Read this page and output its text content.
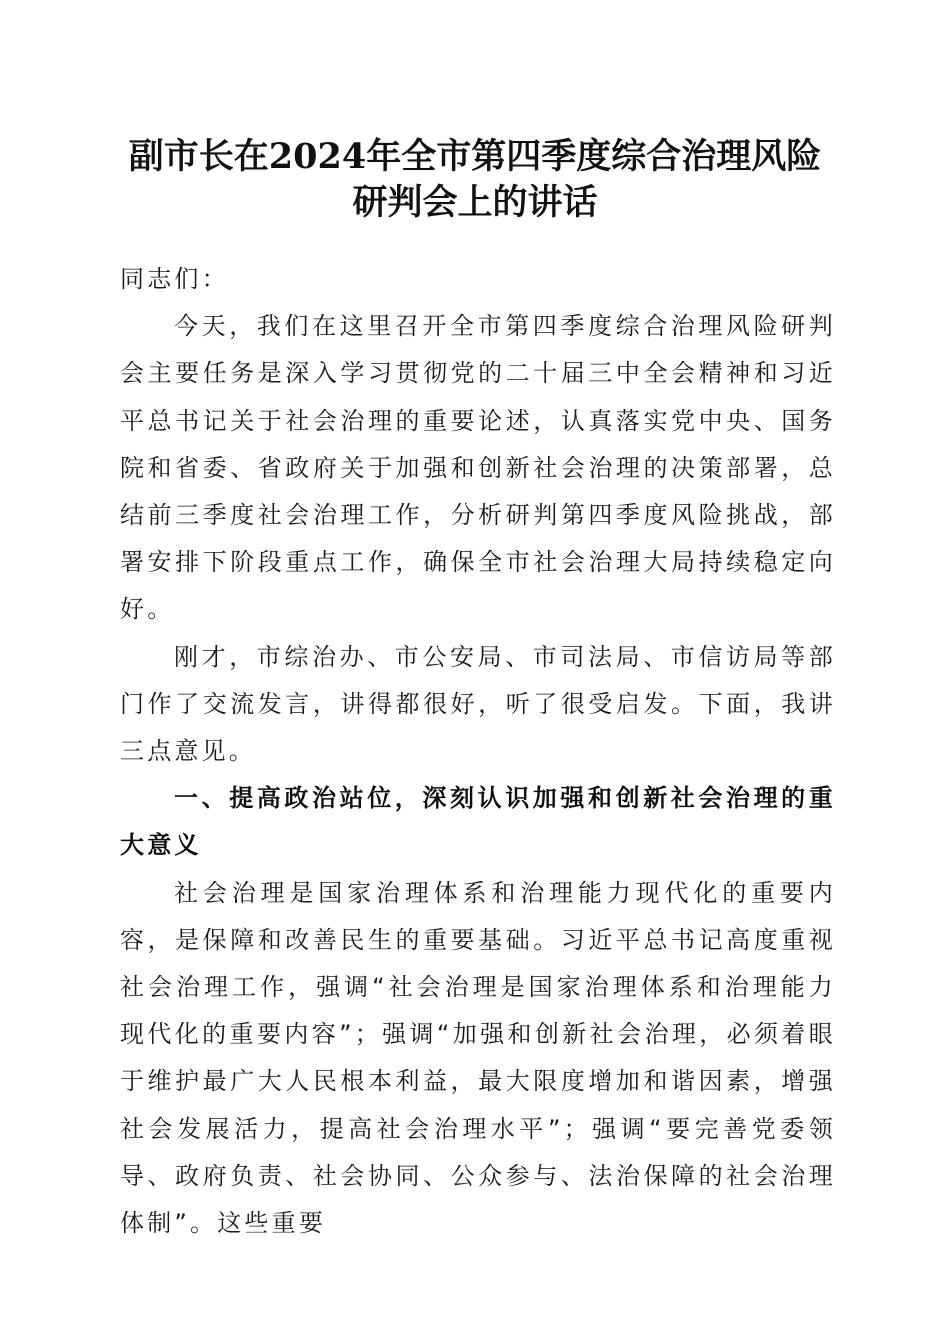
副市长在2024年全市第四季度综合治理风险
研判会上的讲话

同志们：

今天，我们在这里召开全市第四季度综合治理风险研判会主要任务是深入学习贯彻党的二十届三中全会精神和习近平总书记关于社会治理的重要论述，认真落实党中央、国务院和省委、省政府关于加强和创新社会治理的决策部署，总结前三季度社会治理工作，分析研判第四季度风险挑战，部署安排下阶段重点工作，确保全市社会治理大局持续稳定向好。

刚才，市综治办、市公安局、市司法局、市信访局等部门作了交流发言，讲得都很好，听了很受启发。下面，我讲三点意见。

一、提高政治站位，深刻认识加强和创新社会治理的重大意义

社会治理是国家治理体系和治理能力现代化的重要内容，是保障和改善民生的重要基础。习近平总书记高度重视社会治理工作，强调“社会治理是国家治理体系和治理能力现代化的重要内容”；强调“加强和创新社会治理，必须着眼于维护最广大人民根本利益，最大限度增加和谐因素，增强社会发展活力，提高社会治理水平”；强调“要完善党委领导、政府负责、社会协同、公众参与、法治保障的社会治理体制”。这些重要
